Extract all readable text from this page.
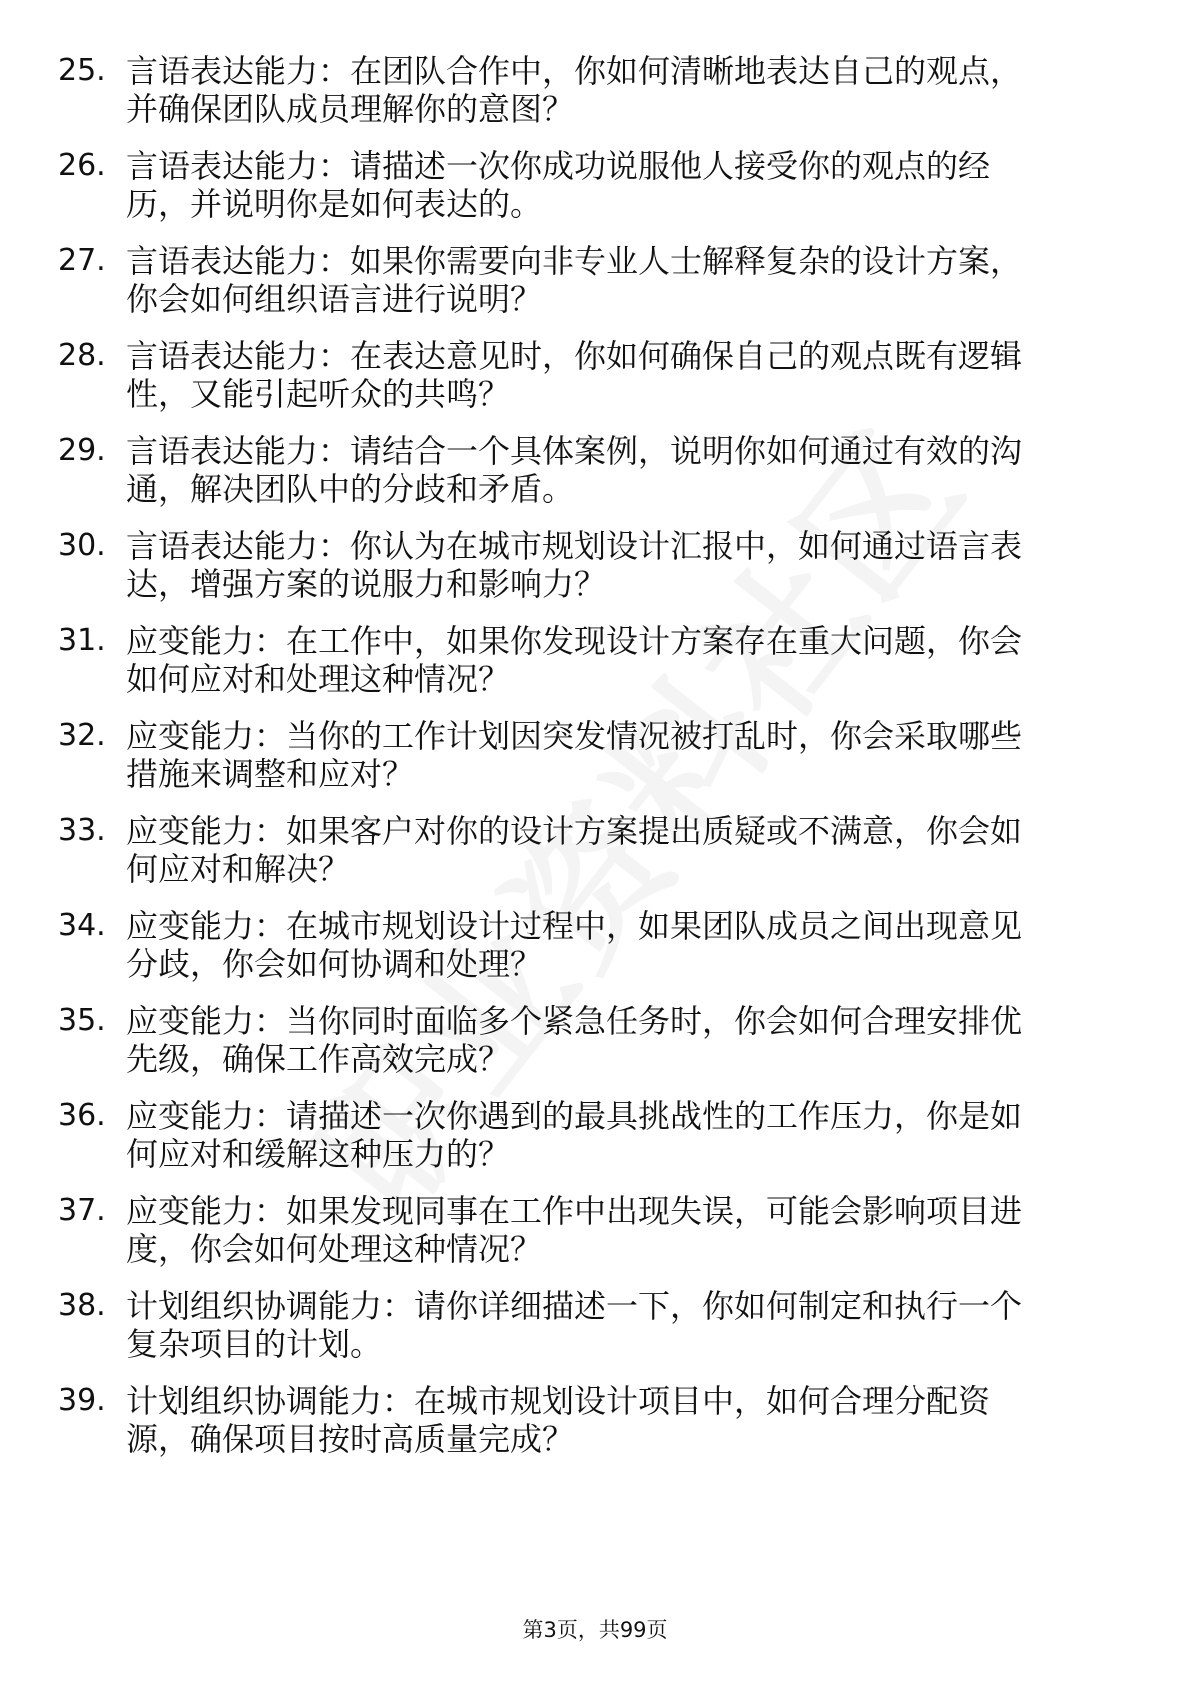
25. 言语表达能力：在团队合作中，你如何清晰地表达自己的观点，
并确保团队成员理解你的意图？
26. 言语表达能力：请描述一次你成功说服他人接受你的观点的经
历，并说明你是如何表达的。
27. 言语表达能力：如果你需要向非专业人士解释复杂的设计方案，
你会如何组织语言进行说明？
28. 言语表达能力：在表达意见时，你如何确保自己的观点既有逻辑
性，又能引起听众的共鸣？
29. 言语表达能力：请结合一个具体案例，说明你如何通过有效的沟
通，解决团队中的分歧和矛盾。
30. 言语表达能力：你认为在城市规划设计汇报中，如何通过语言表
达，增强方案的说服力和影响力？
31. 应变能力：在工作中，如果你发现设计方案存在重大问题，你会
如何应对和处理这种情况？
32. 应变能力：当你的工作计划因突发情况被打乱时，你会采取哪些
措施来调整和应对？
33. 应变能力：如果客户对你的设计方案提出质疑或不满意，你会如
何应对和解决？
34. 应变能力：在城市规划设计过程中，如果团队成员之间出现意见
分歧，你会如何协调和处理？
35. 应变能力：当你同时面临多个紧急任务时，你会如何合理安排优
先级，确保工作高效完成？
36. 应变能力：请描述一次你遇到的最具挑战性的工作压力，你是如
何应对和缓解这种压力的？
37. 应变能力：如果发现同事在工作中出现失误，可能会影响项目进
度，你会如何处理这种情况？
38. 计划组织协调能力：请你详细描述一下，你如何制定和执行一个
复杂项目的计划。
39. 计划组织协调能力：在城市规划设计项目中，如何合理分配资
源，确保项目按时高质量完成？
第3页，共99页
